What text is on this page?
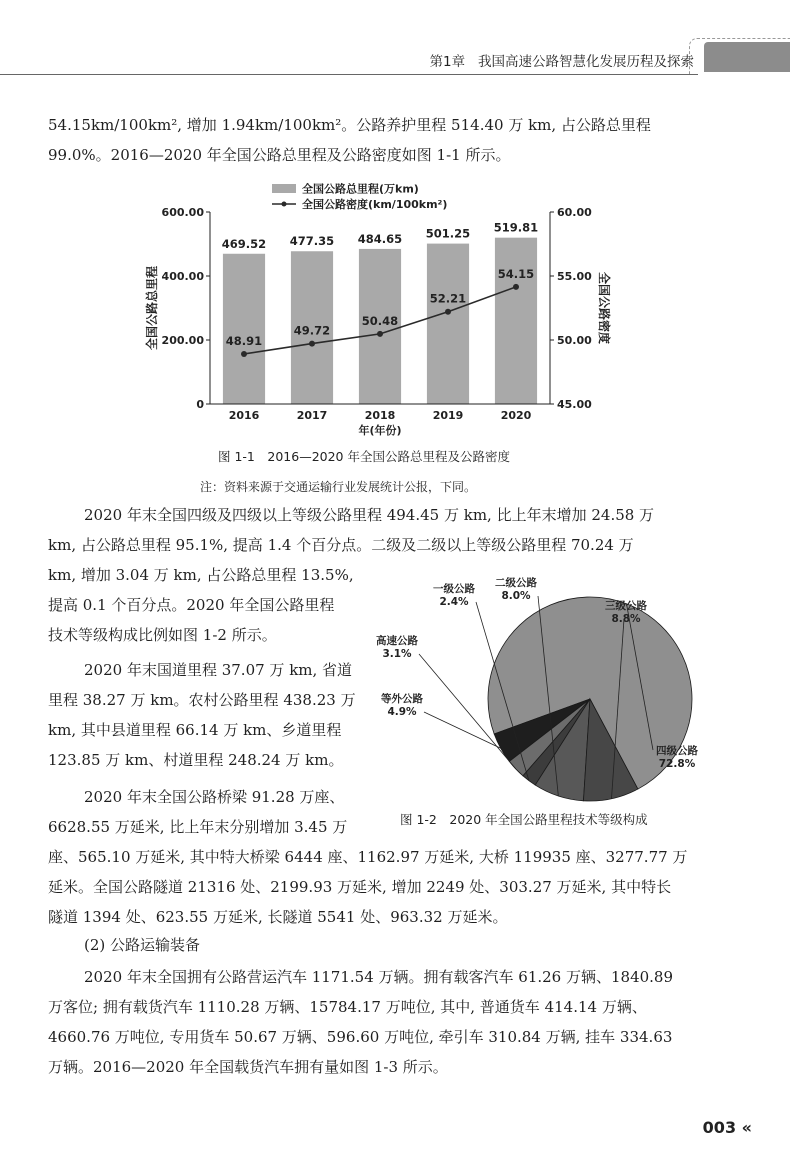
第1章 我国高速公路智慧化发展历程及探索
54.15km/100km², 增加 1.94km/100km²。公路养护里程 514.40 万 km, 占公路总里程
99.0%。2016—2020 年全国公路总里程及公路密度如图 1-1 所示。
全国公路总里程(万km)
全国公路密度(km/100km²)
469.52 477.35 484.65 501.25 519.81
0
200.00
400.00
600.00
45.00
50.00
55.00
60.00
2016	2017	2018	2019	2020
年(年份)
全国公路总里程	全国公路密度
48.91
49.72
50.48
52.21
54.15
图 1-1　2016—2020 年全国公路总里程及公路密度
注：资料来源于交通运输行业发展统计公报，下同。
2020 年末全国四级及四级以上等级公路里程 494.45 万 km, 比上年末增加 24.58 万
km, 占公路总里程 95.1%, 提高 1.4 个百分点。二级及二级以上等级公路里程 70.24 万
km, 增加 3.04 万 km, 占公路总里程 13.5%,
提高 0.1 个百分点。2020 年全国公路里程
技术等级构成比例如图 1-2 所示。
2020 年末国道里程 37.07 万 km, 省道
里程 38.27 万 km。农村公路里程 438.23 万
km, 其中县道里程 66.14 万 km、乡道里程
123.85 万 km、村道里程 248.24 万 km。	四级公路
72.8%
等外公路
4.9%
高速公路
3.1%
一级公路
2.4%
二级公路
8.0%
三级公路
8.8%
图 1-2　2020 年全国公路里程技术等级构成
2020 年末全国公路桥梁 91.28 万座、
6628.55 万延米, 比上年末分别增加 3.45 万
座、565.10 万延米, 其中特大桥梁 6444 座、1162.97 万延米, 大桥 119935 座、3277.77 万
延米。全国公路隧道 21316 处、2199.93 万延米, 增加 2249 处、303.27 万延米, 其中特长
隧道 1394 处、623.55 万延米, 长隧道 5541 处、963.32 万延米。
(2) 公路运输装备
2020 年末全国拥有公路营运汽车 1171.54 万辆。拥有载客汽车 61.26 万辆、1840.89
万客位; 拥有载货汽车 1110.28 万辆、15784.17 万吨位, 其中, 普通货车 414.14 万辆、
4660.76 万吨位, 专用货车 50.67 万辆、596.60 万吨位, 牵引车 310.84 万辆, 挂车 334.63
万辆。2016—2020 年全国载货汽车拥有量如图 1-3 所示。
003 «
